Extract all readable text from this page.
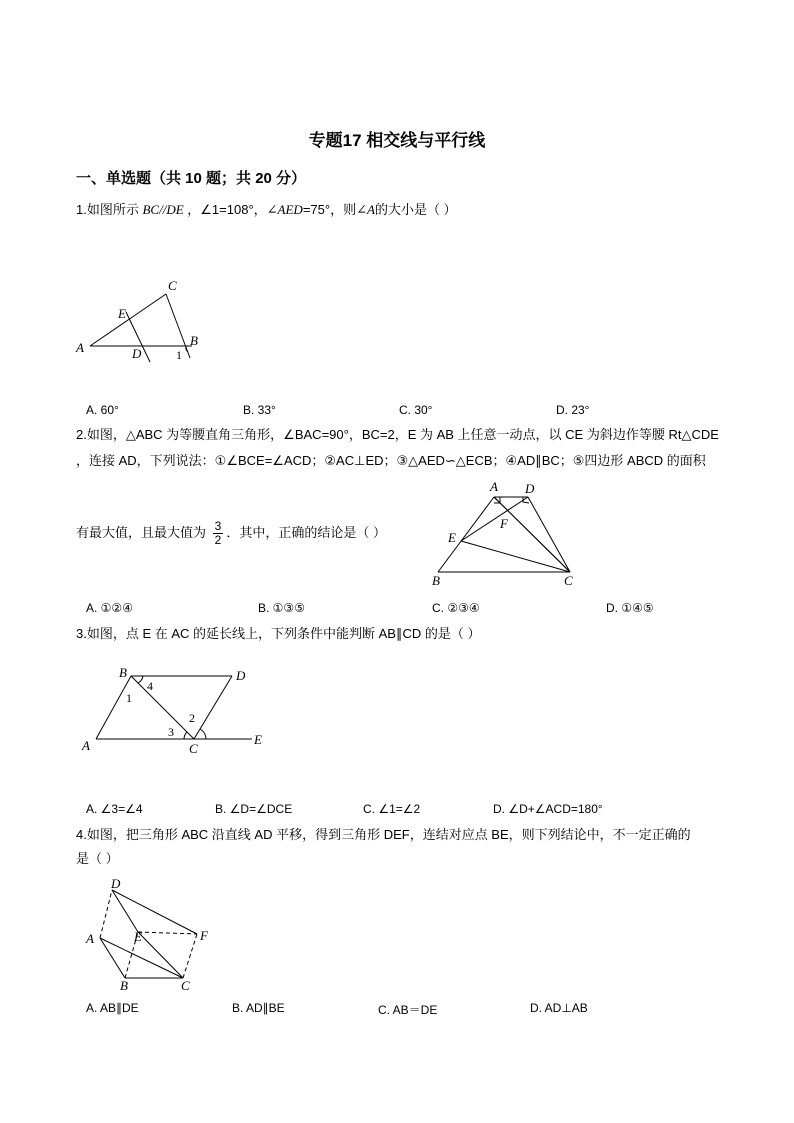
专题17 相交线与平行线
一、单选题（共 10 题；共 20 分）
1.如图所示 BC//DE ，∠1=108°，∠AED=75°，则∠A的大小是（ ）
A
C
E
D
B
1
A. 60°	B. 33°	C. 30°	D. 23°
2.如图，△ABC 为等腰直角三角形，∠BAC=90°，BC=2，E 为 AB 上任意一动点，以 CE 为斜边作等腰 Rt△CDE
，连接 AD，下列说法：①∠BCE=∠ACD；②AC⊥ED；③△AED∽△ECB；④AD∥BC；⑤四边形 ABCD 的面积
有最大值，且最大值为 $\frac{3}{2}$ ．其中，正确的结论是（ ）
A D
F
E
B	C
A. ①②④	B. ①③⑤	C. ②③④	D. ①④⑤
3.如图，点 E 在 AC 的延长线上，下列条件中能判断 AB∥CD 的是（ ）
A
B	D
C
E
1
4
3
2
A. ∠3=∠4	B. ∠D=∠DCE	C. ∠1=∠2	D. ∠D+∠ACD=180°
4.如图，把三角形 ABC 沿直线 AD 平移，得到三角形 DEF，连结对应点 BE，则下列结论中，不一定正确的
是（ ）
D
A	E	F
B	C
A. AB∥DE	B. AD∥BE	C. AB＝DE	D. AD⊥AB
